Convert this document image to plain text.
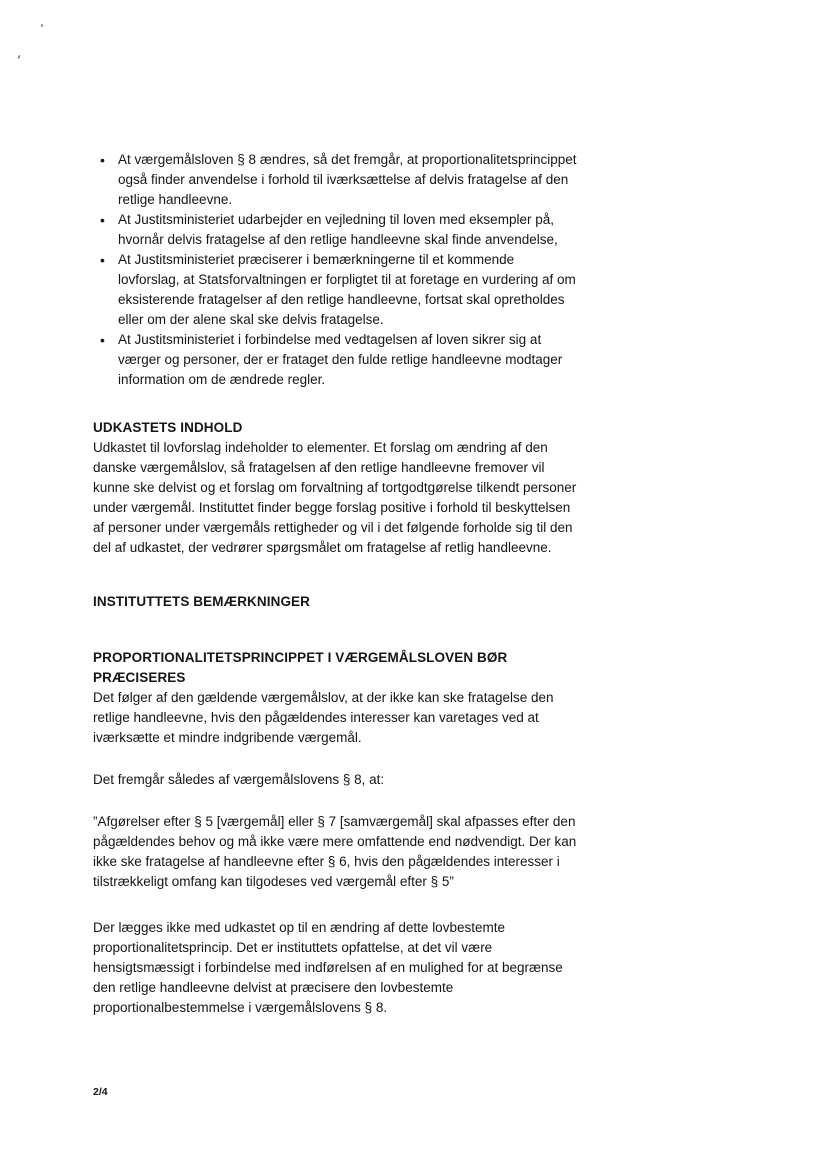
• At værgemålsloven § 8 ændres, så det fremgår, at proportionalitetsprincippet også finder anvendelse i forhold til iværksættelse af delvis fratagelse af den retlige handleevne.
• At Justitsministeriet udarbejder en vejledning til loven med eksempler på, hvornår delvis fratagelse af den retlige handleevne skal finde anvendelse,
• At Justitsministeriet præciserer i bemærkningerne til et kommende lovforslag, at Statsforvaltningen er forpligtet til at foretage en vurdering af om eksisterende fratagelser af den retlige handleevne, fortsat skal opretholdes eller om der alene skal ske delvis fratagelse.
• At Justitsministeriet i forbindelse med vedtagelsen af loven sikrer sig at værger og personer, der er frataget den fulde retlige handleevne modtager information om de ændrede regler.
UDKASTETS INDHOLD

Udkastet til lovforslag indeholder to elementer. Et forslag om ændring af den danske værgemålslov, så fratagelsen af den retlige handleevne fremover vil kunne ske delvist og et forslag om forvaltning af tortgodtgørelse tilkendt personer under værgemål. Instituttet finder begge forslag positive i forhold til beskyttelsen af personer under værgemåls rettigheder og vil i det følgende forholde sig til den del af udkastet, der vedrører spørgsmålet om fratagelse af retlig handleevne.

INSTITUTTETS BEMÆRKNINGER
PROPORTIONALITETSPRINCIPPET I VÆRGEMÅLSLOVEN BØR PRÆCISERES

Det følger af den gældende værgemålslov, at der ikke kan ske fratagelse den retlige handleevne, hvis den pågældendes interesser kan varetages ved at iværksætte et mindre indgribende værgemål.

Det fremgår således af værgemålslovens § 8, at:

”Afgørelser efter § 5 [værgemål] eller § 7 [samværgemål] skal afpasses efter den pågældendes behov og må ikke være mere omfattende end nødvendigt. Der kan ikke ske fratagelse af handleevne efter § 6, hvis den pågældendes interesser i tilstrækkeligt omfang kan tilgodeses ved værgemål efter § 5”

Der lægges ikke med udkastet op til en ændring af dette lovbestemte proportionalitetsprincip. Det er instituttets opfattelse, at det vil være hensigtsmæssigt i forbindelse med indførelsen af en mulighed for at begrænse den retlige handleevne delvist at præcisere den lovbestemte proportionalbestemmelse i værgemålslovens § 8.

2/4
